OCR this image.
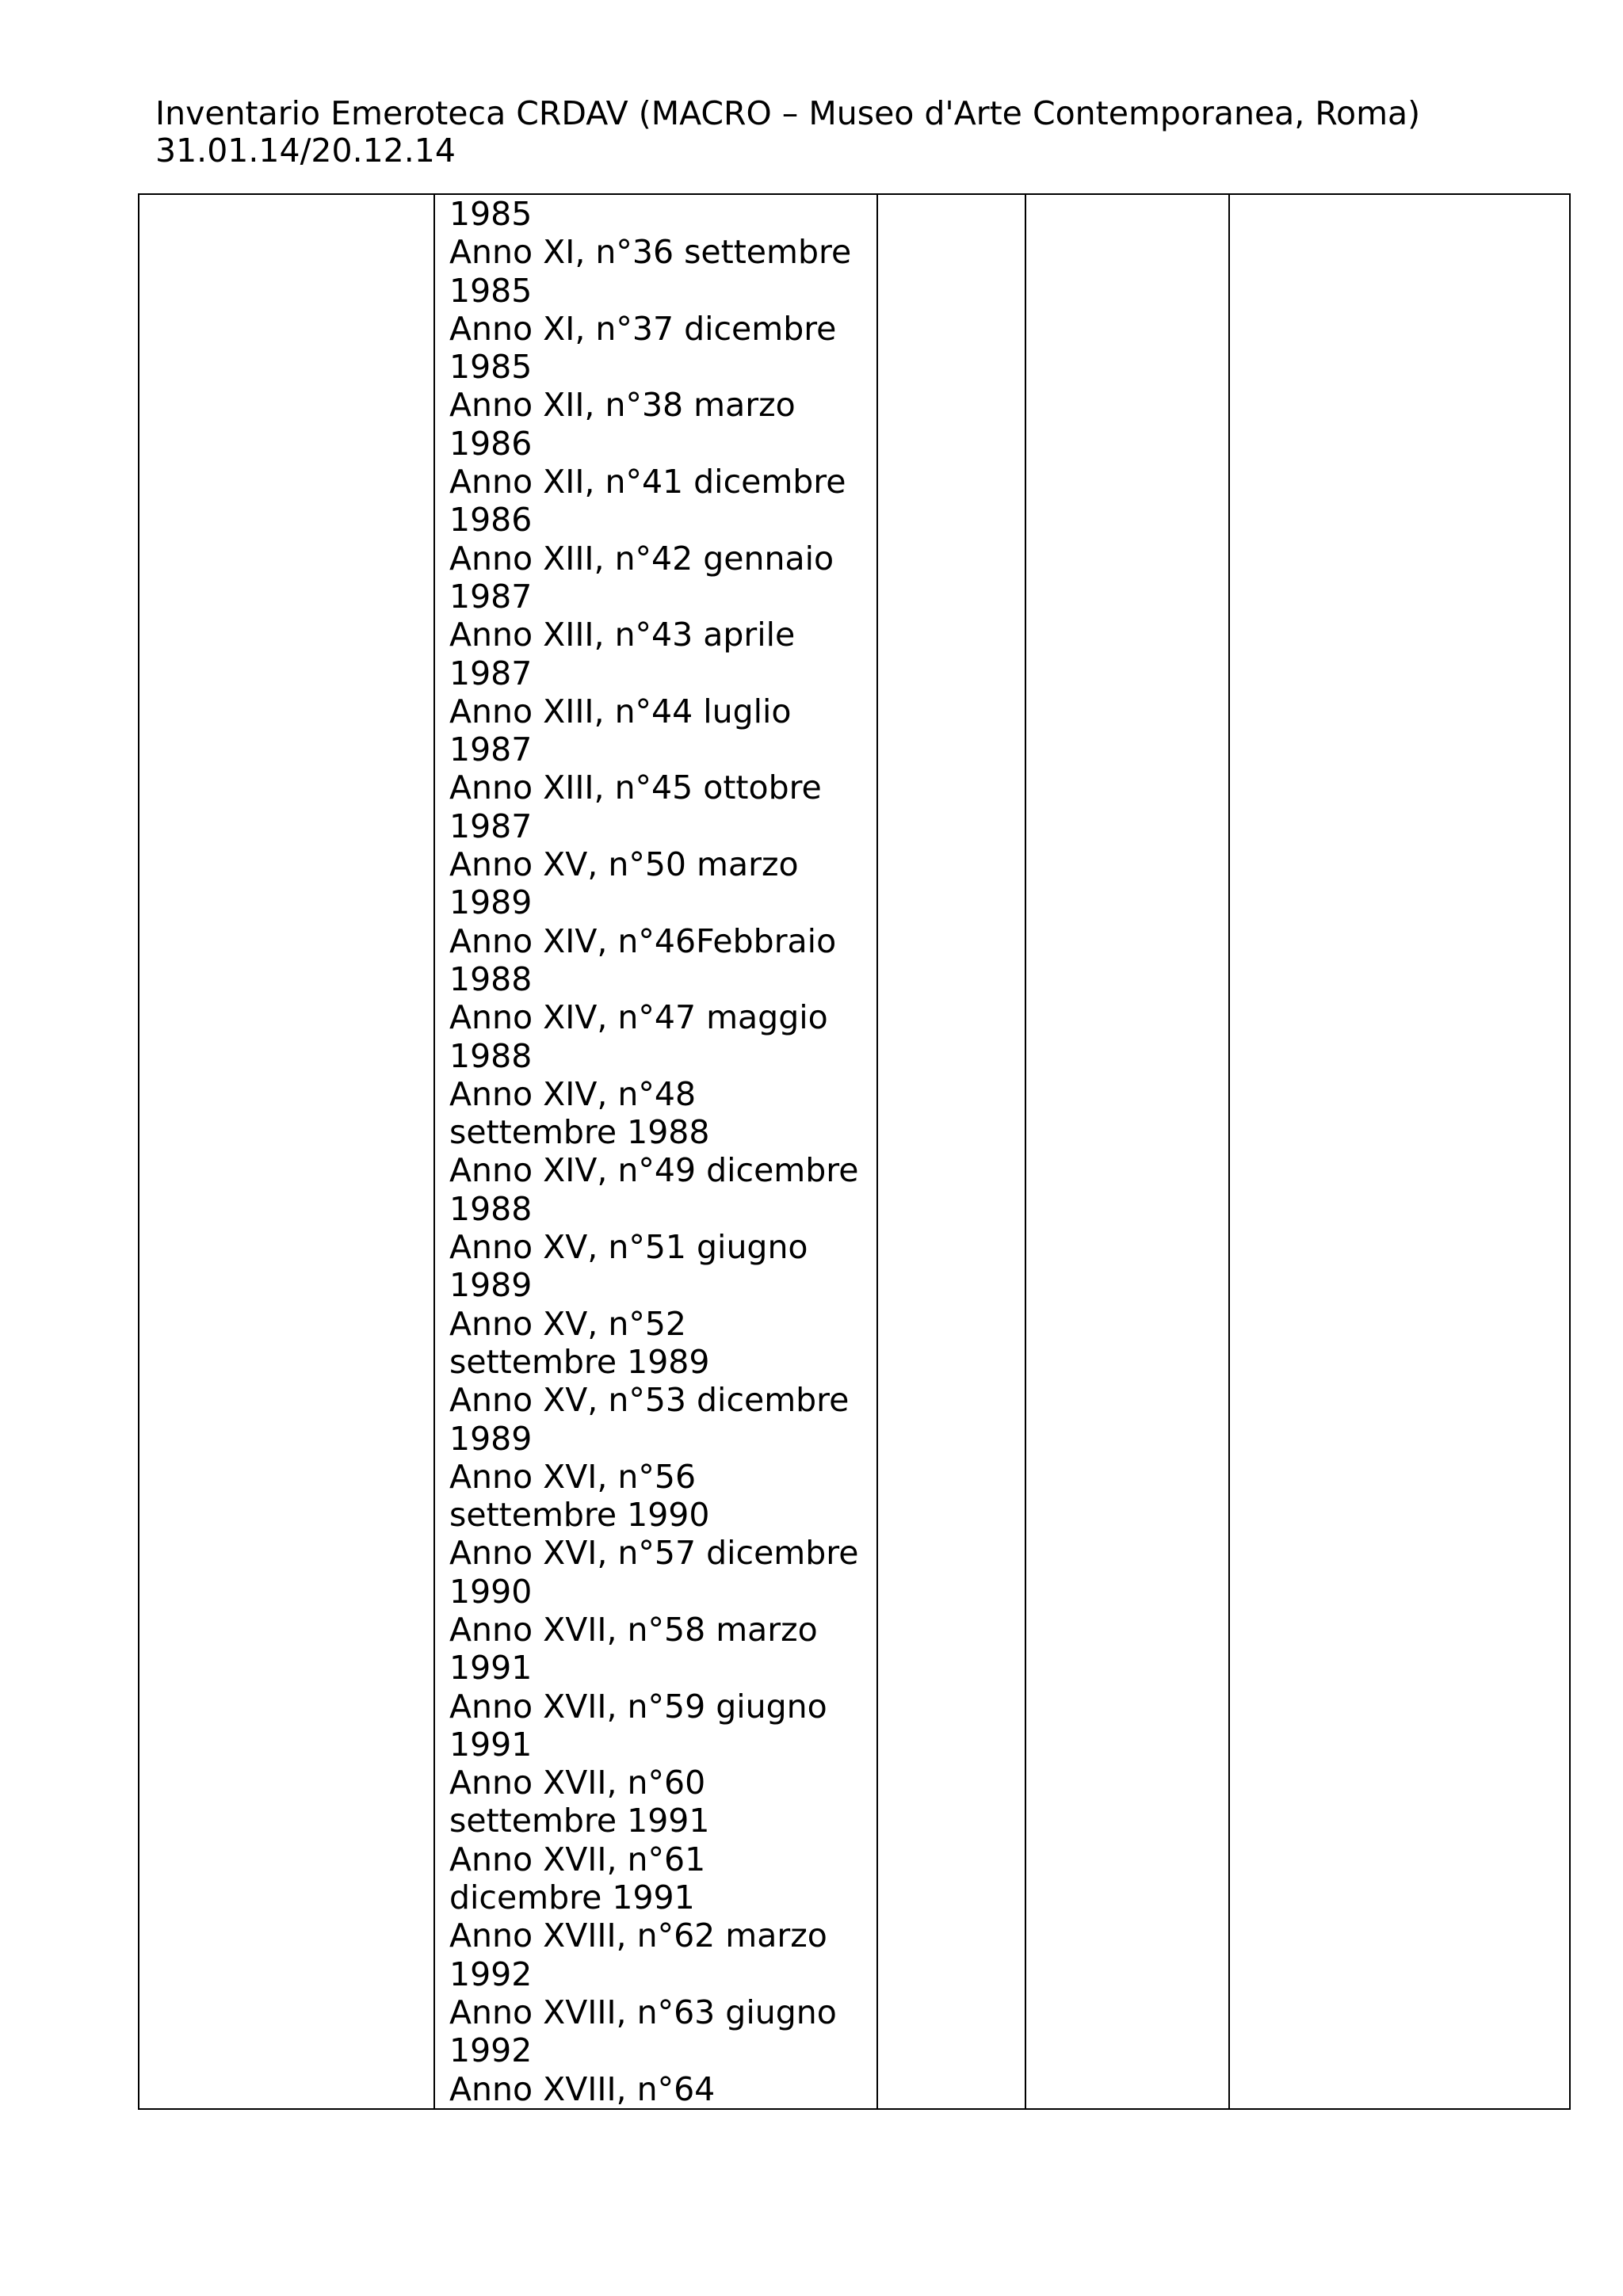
Inventario Emeroteca CRDAV (MACRO – Museo d'Arte Contemporanea, Roma)
31.01.14/20.12.14

1985
Anno XI, n°36 settembre
1985
Anno XI, n°37 dicembre
1985
Anno XII, n°38 marzo
1986
Anno XII, n°41 dicembre
1986
Anno XIII, n°42 gennaio
1987
Anno XIII, n°43 aprile
1987
Anno XIII, n°44 luglio
1987
Anno XIII, n°45 ottobre
1987
Anno XV, n°50 marzo
1989
Anno XIV, n°46Febbraio
1988
Anno XIV, n°47 maggio
1988
Anno XIV, n°48
settembre 1988
Anno XIV, n°49 dicembre
1988
Anno XV, n°51 giugno
1989
Anno XV, n°52
settembre 1989
Anno XV, n°53 dicembre
1989
Anno XVI, n°56
settembre 1990
Anno XVI, n°57 dicembre
1990
Anno XVII, n°58 marzo
1991
Anno XVII, n°59 giugno
1991
Anno XVII, n°60
settembre 1991
Anno XVII, n°61
dicembre 1991
Anno XVIII, n°62 marzo
1992
Anno XVIII, n°63 giugno
1992
Anno XVIII, n°64
